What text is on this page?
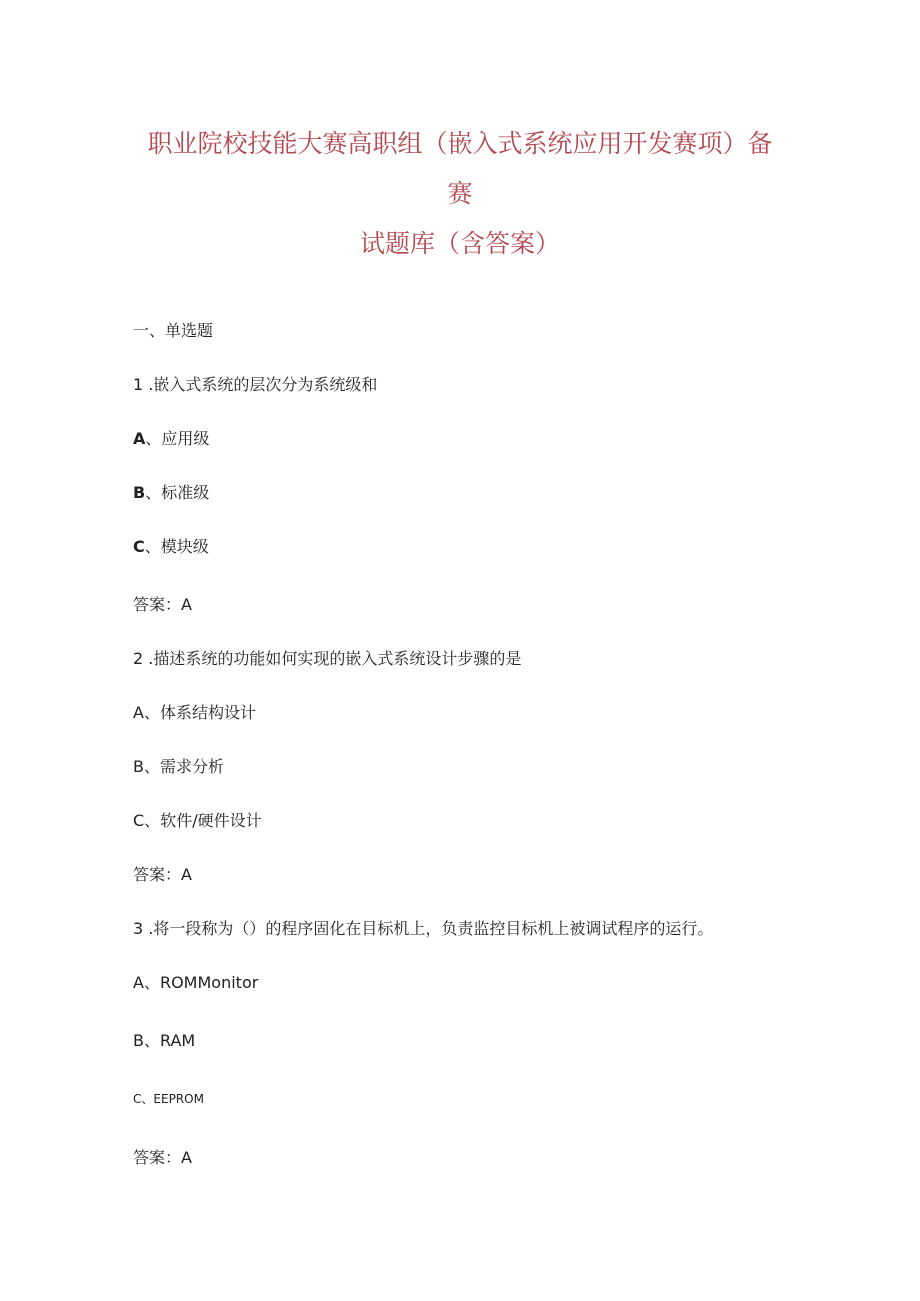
职业院校技能大赛高职组（嵌入式系统应用开发赛项）备
赛
试题库（含答案）
一、单选题
1 .嵌入式系统的层次分为系统级和
A、应用级
B、标准级
C、模块级
答案：A
2 .描述系统的功能如何实现的嵌入式系统设计步骤的是
A、体系结构设计
B、需求分析
C、软件/硬件设计
答案：A
3 .将一段称为（）的程序固化在目标机上，负责监控目标机上被调试程序的运行。
A、ROMMonitor
B、RAM
C、EEPROM
答案：A
